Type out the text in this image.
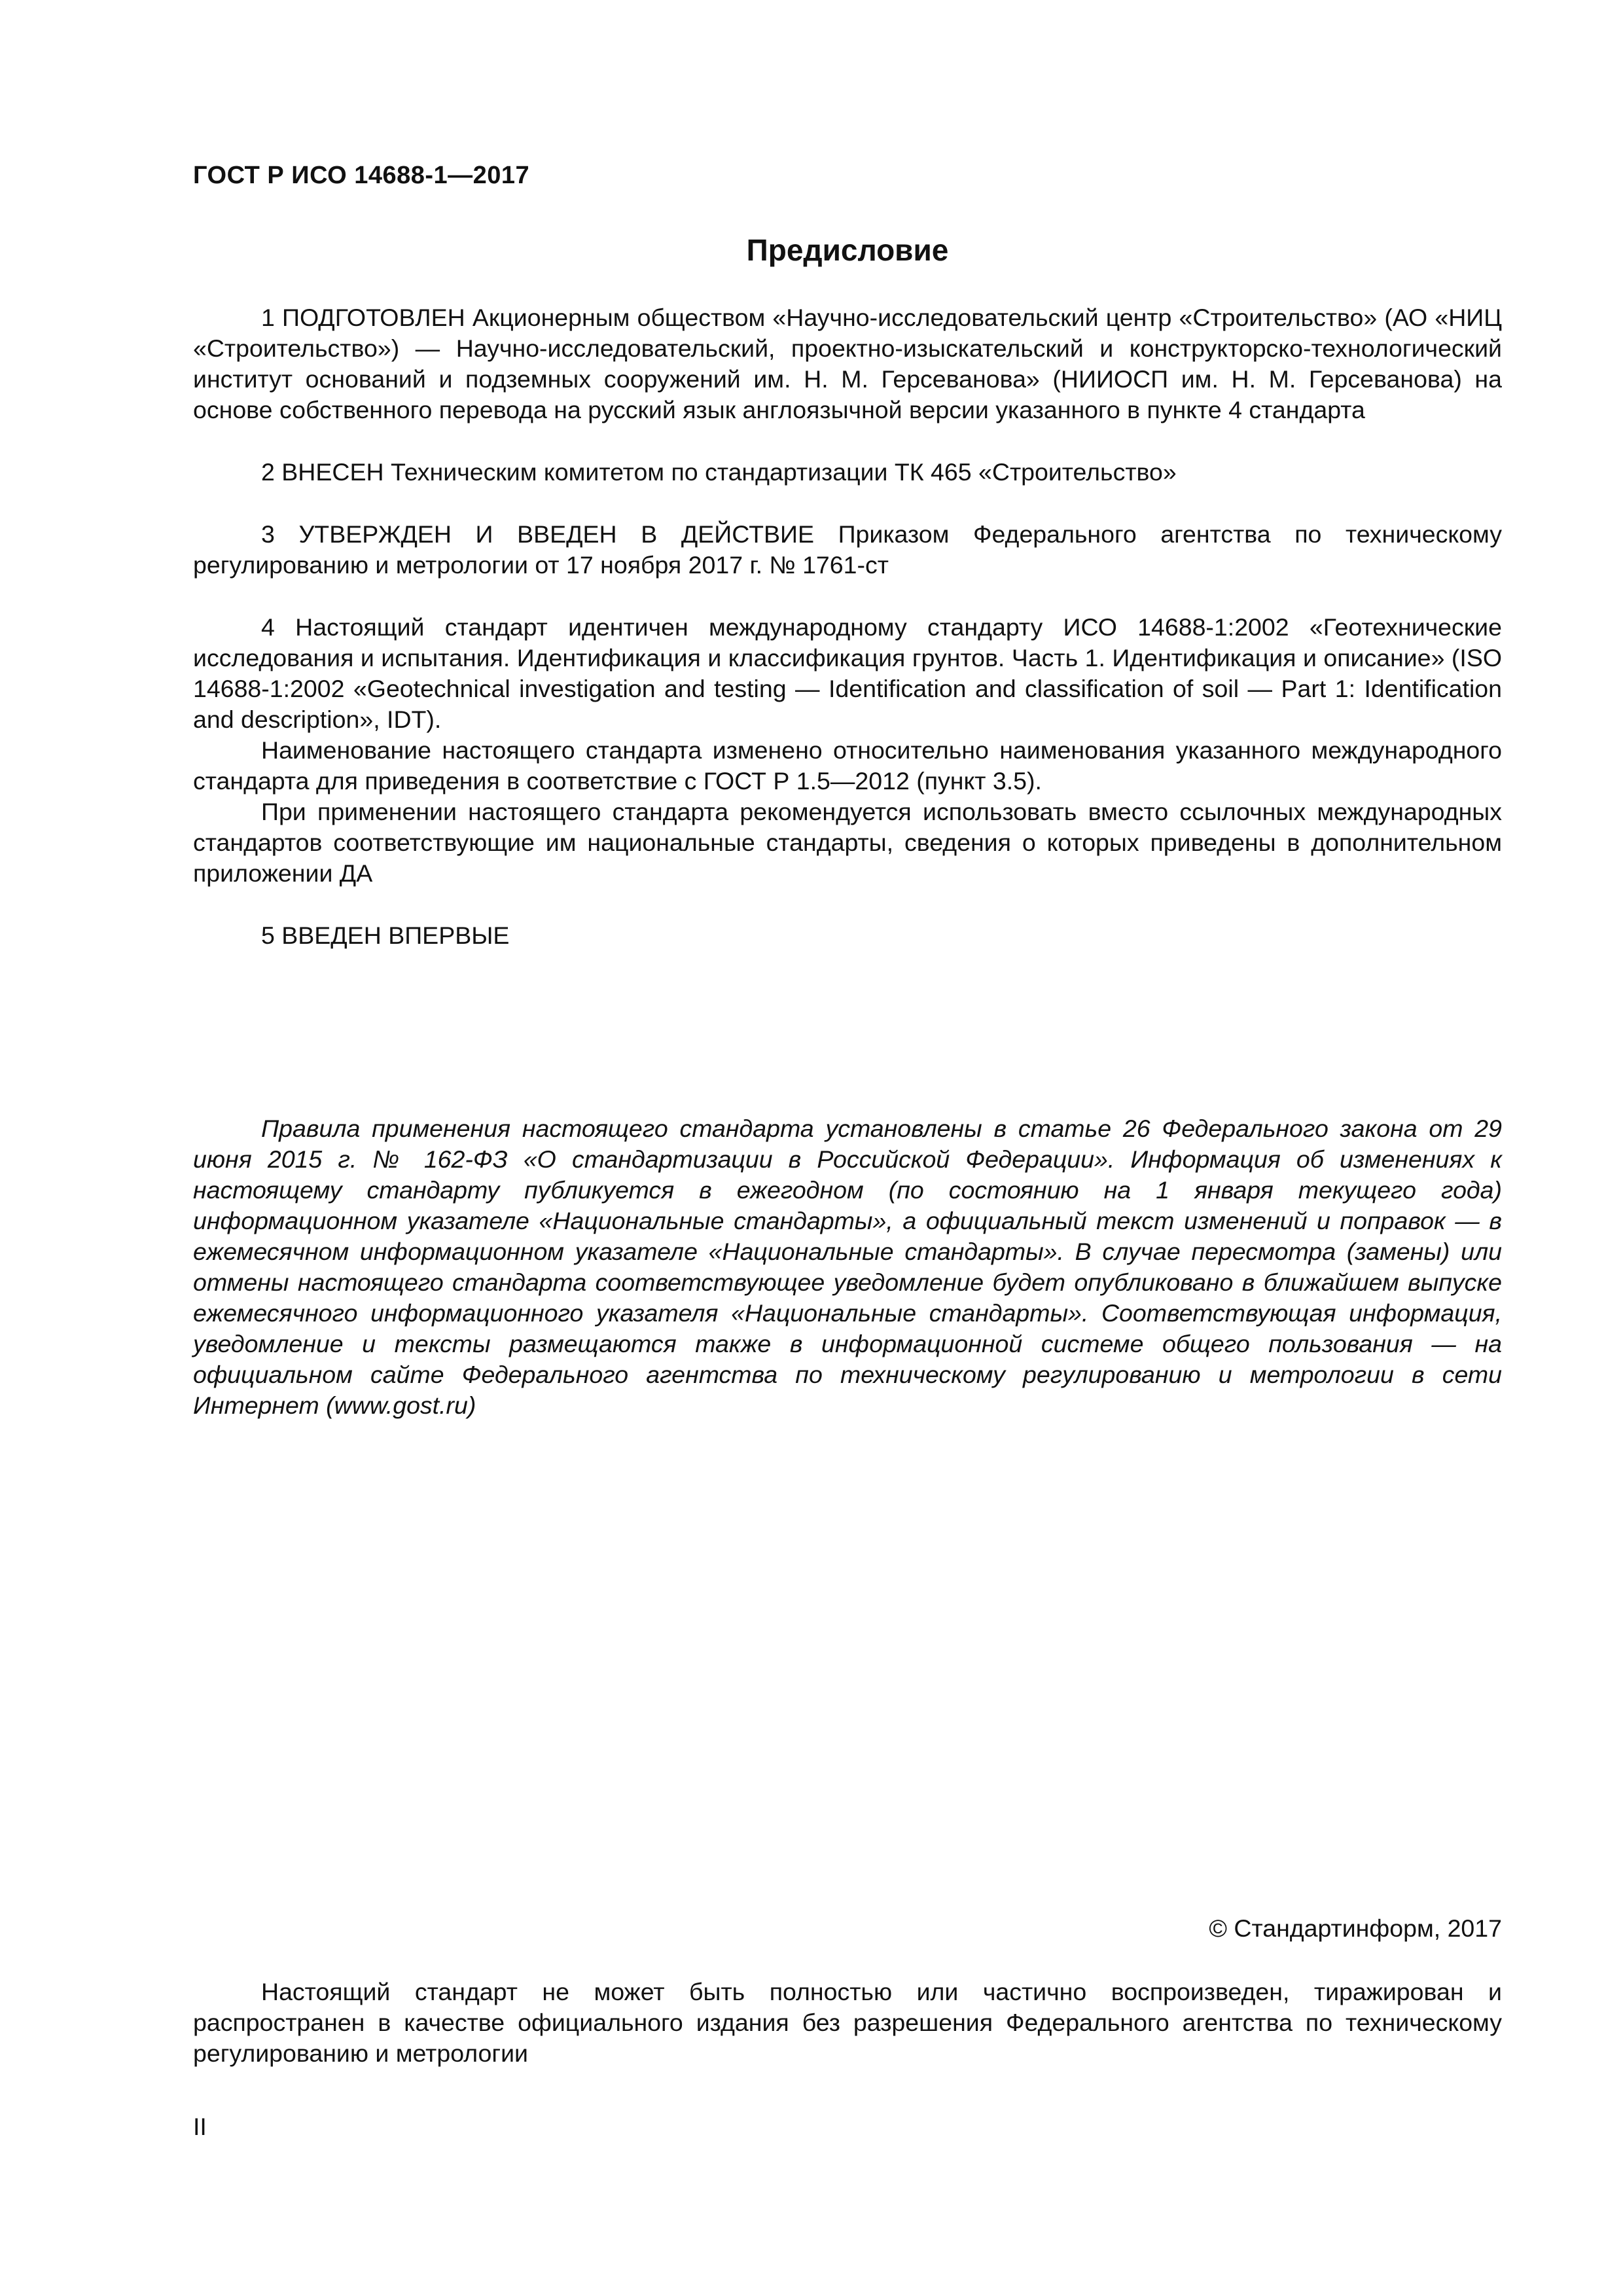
ГОСТ Р ИСО 14688-1—2017
Предисловие

1 ПОДГОТОВЛЕН Акционерным обществом «Научно-исследовательский центр «Строительство» (АО «НИЦ «Строительство») — Научно-исследовательский, проектно-изыскательский и конструкторско-технологический институт оснований и подземных сооружений им. Н. М. Герсеванова» (НИИОСП им. Н. М. Герсеванова) на основе собственного перевода на русский язык англоязычной версии указанного в пункте 4 стандарта

2 ВНЕСЕН Техническим комитетом по стандартизации ТК 465 «Строительство»

3 УТВЕРЖДЕН И ВВЕДЕН В ДЕЙСТВИЕ Приказом Федерального агентства по техническому регулированию и метрологии от 17 ноября 2017 г. № 1761-ст

4 Настоящий стандарт идентичен международному стандарту ИСО 14688-1:2002 «Геотехнические исследования и испытания. Идентификация и классификация грунтов. Часть 1. Идентификация и описание» (ISO 14688-1:2002 «Geotechnical investigation and testing — Identification and classification of soil — Part 1: Identification and description», IDT).

Наименование настоящего стандарта изменено относительно наименования указанного международного стандарта для приведения в соответствие с ГОСТ Р 1.5—2012 (пункт 3.5).

При применении настоящего стандарта рекомендуется использовать вместо ссылочных международных стандартов соответствующие им национальные стандарты, сведения о которых приведены в дополнительном приложении ДА

5 ВВЕДЕН ВПЕРВЫЕ

Правила применения настоящего стандарта установлены в статье 26 Федерального закона от 29 июня 2015 г. № 162-ФЗ «О стандартизации в Российской Федерации». Информация об изменениях к настоящему стандарту публикуется в ежегодном (по состоянию на 1 января текущего года) информационном указателе «Национальные стандарты», а официальный текст изменений и поправок — в ежемесячном информационном указателе «Национальные стандарты». В случае пересмотра (замены) или отмены настоящего стандарта соответствующее уведомление будет опубликовано в ближайшем выпуске ежемесячного информационного указателя «Национальные стандарты». Соответствующая информация, уведомление и тексты размещаются также в информационной системе общего пользования — на официальном сайте Федерального агентства по техническому регулированию и метрологии в сети Интернет (www.gost.ru)

© Стандартинформ, 2017

Настоящий стандарт не может быть полностью или частично воспроизведен, тиражирован и распространен в качестве официального издания без разрешения Федерального агентства по техническому регулированию и метрологии

II
